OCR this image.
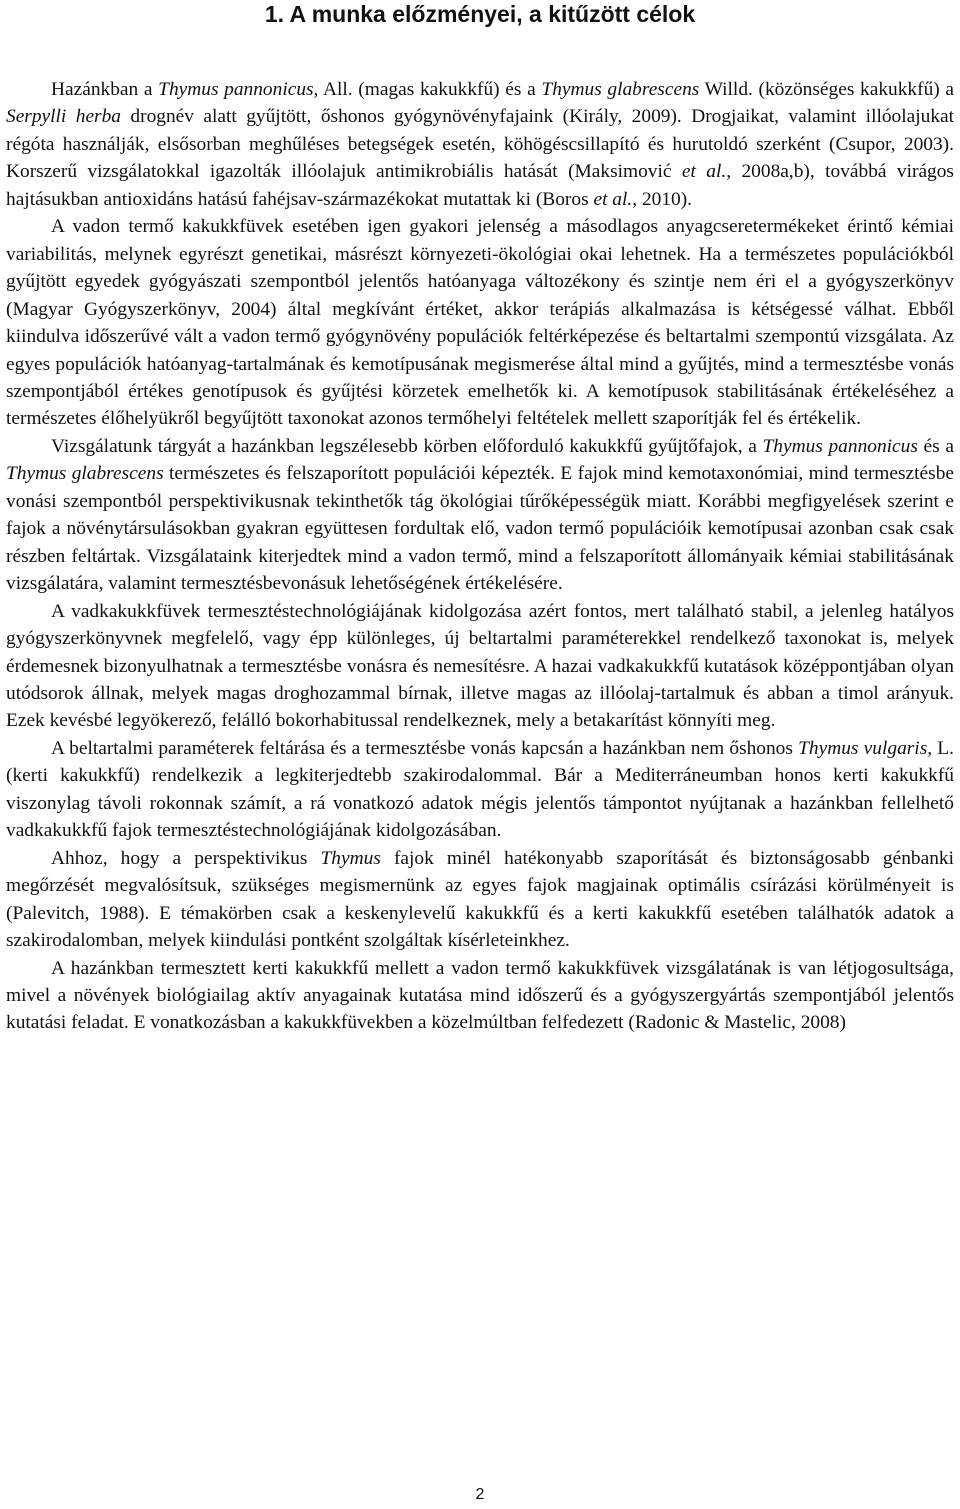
1. A munka előzményei, a kitűzött célok

Hazánkban a Thymus pannonicus, All. (magas kakukkfű) és a Thymus glabrescens Willd. (közönséges kakukkfű) a Serpylli herba drognév alatt gyűjtött, őshonos gyógynövényfajaink (Király, 2009). Drogjaikat, valamint illóolajukat régóta használják, elsősorban meghűléses betegségek esetén, köhögéscsillapító és hurutoldó szerként (Csupor, 2003). Korszerű vizsgálatokkal igazolták illóolajuk antimikrobiális hatását (Maksimović et al., 2008a,b), továbbá virágos hajtásukban antioxidáns hatású fahéjsav-származékokat mutattak ki (Boros et al., 2010).

A vadon termő kakukkfüvek esetében igen gyakori jelenség a másodlagos anyagcseretermékeket érintő kémiai variabilitás, melynek egyrészt genetikai, másrészt környezeti-ökológiai okai lehetnek. Ha a természetes populációkból gyűjtött egyedek gyógyászati szempontból jelentős hatóanyaga változékony és szintje nem éri el a gyógyszerkönyv (Magyar Gyógyszerkönyv, 2004) által megkívánt értéket, akkor terápiás alkalmazása is kétségessé válhat. Ebből kiindulva időszerűvé vált a vadon termő gyógynövény populációk feltérképezése és beltartalmi szempontú vizsgálata. Az egyes populációk hatóanyag-tartalmának és kemotípusának megismerése által mind a gyűjtés, mind a termesztésbe vonás szempontjából értékes genotípusok és gyűjtési körzetek emelhetők ki. A kemotípusok stabilitásának értékeléséhez a természetes élőhelyükről begyűjtött taxonokat azonos termőhelyi feltételek mellett szaporítják fel és értékelik.

Vizsgálatunk tárgyát a hazánkban legszélesebb körben előforduló kakukkfű gyűjtőfajok, a Thymus pannonicus és a Thymus glabrescens természetes és felszaporított populációi képezték. E fajok mind kemotaxonómiai, mind termesztésbe vonási szempontból perspektivikusnak tekinthetők tág ökológiai tűrőképességük miatt. Korábbi megfigyelések szerint e fajok a növénytársulásokban gyakran együttesen fordultak elő, vadon termő populációik kemotípusai azonban csak csak részben feltártak. Vizsgálataink kiterjedtek mind a vadon termő, mind a felszaporított állományaik kémiai stabilitásának vizsgálatára, valamint termesztésbevonásuk lehetőségének értékelésére.

A vadkakukkfüvek termesztéstechnológiájának kidolgozása azért fontos, mert található stabil, a jelenleg hatályos gyógyszerkönyvnek megfelelő, vagy épp különleges, új beltartalmi paraméterekkel rendelkező taxonokat is, melyek érdemesnek bizonyulhatnak a termesztésbe vonásra és nemesítésre. A hazai vadkakukkfű kutatások középpontjában olyan utódsorok állnak, melyek magas droghozammal bírnak, illetve magas az illóolaj-tartalmuk és abban a timol arányuk. Ezek kevésbé legyökerező, felálló bokorhabitussal rendelkeznek, mely a betakarítást könnyíti meg.

A beltartalmi paraméterek feltárása és a termesztésbe vonás kapcsán a hazánkban nem őshonos Thymus vulgaris, L. (kerti kakukkfű) rendelkezik a legkiterjedtebb szakirodalommal. Bár a Mediterráneumban honos kerti kakukkfű viszonylag távoli rokonnak számít, a rá vonatkozó adatok mégis jelentős támpontot nyújtanak a hazánkban fellelhető vadkakukkfű fajok termesztéstechnológiájának kidolgozásában.

Ahhoz, hogy a perspektivikus Thymus fajok minél hatékonyabb szaporítását és biztonságosabb génbanki megőrzését megvalósítsuk, szükséges megismernünk az egyes fajok magjainak optimális csírázási körülményeit is (Palevitch, 1988). E témakörben csak a keskenylevelű kakukkfű és a kerti kakukkfű esetében találhatók adatok a szakirodalomban, melyek kiindulási pontként szolgáltak kísérleteinkhez.

A hazánkban termesztett kerti kakukkfű mellett a vadon termő kakukkfüvek vizsgálatának is van létjogosultsága, mivel a növények biológiailag aktív anyagainak kutatása mind időszerű és a gyógyszergyártás szempontjából jelentős kutatási feladat. E vonatkozásban a kakukkfüvekben a közelmúltban felfedezett (Radonic & Mastelic, 2008)

2
